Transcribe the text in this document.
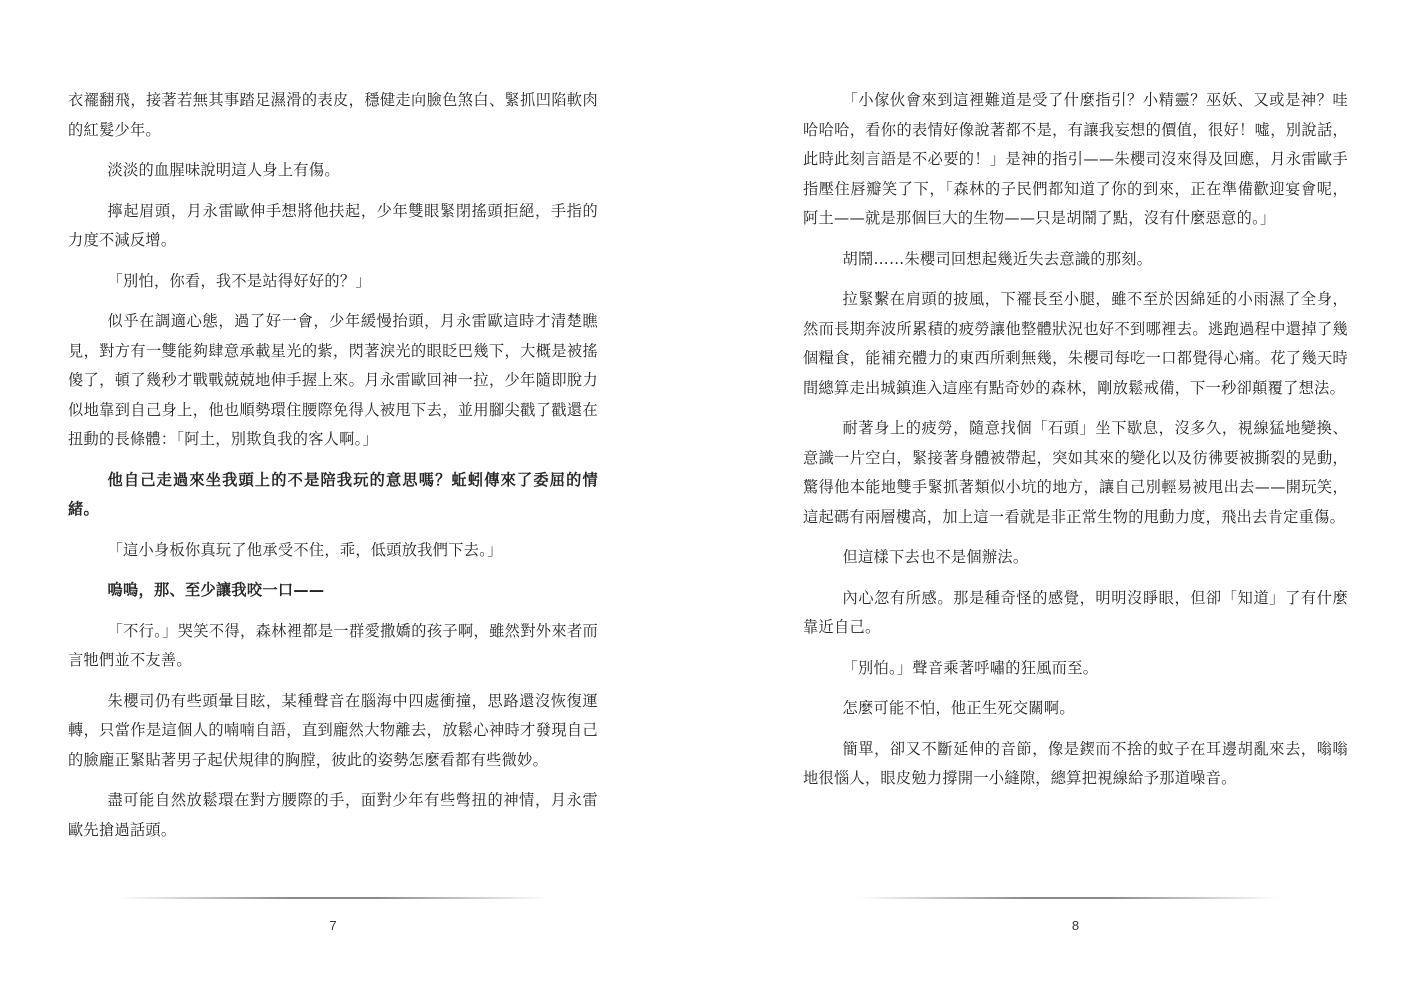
衣襬翻飛，接著若無其事踏足濕滑的表皮，穩健走向臉色煞白、緊抓凹陷軟肉的紅髮少年。

淡淡的血腥味說明這人身上有傷。

擰起眉頭，月永雷歐伸手想將他扶起，少年雙眼緊閉搖頭拒絕，手指的力度不減反增。

「別怕，你看，我不是站得好好的？」

似乎在調適心態，過了好一會，少年緩慢抬頭，月永雷歐這時才清楚瞧見，對方有一雙能夠肆意承載星光的紫，閃著淚光的眼眨巴幾下，大概是被搖傻了，頓了幾秒才戰戰兢兢地伸手握上來。月永雷歐回神一拉，少年隨即脫力似地靠到自己身上，他也順勢環住腰際免得人被甩下去，並用腳尖戳了戳還在扭動的長條體：「阿土，別欺負我的客人啊。」

他自己走過來坐我頭上的不是陪我玩的意思嗎？蚯蚓傳來了委屈的情緒。

「這小身板你真玩了他承受不住，乖，低頭放我們下去。」

嗚嗚，那、至少讓我咬一口——

「不行。」哭笑不得，森林裡都是一群愛撒嬌的孩子啊，雖然對外來者而言牠們並不友善。

朱櫻司仍有些頭暈目眩，某種聲音在腦海中四處衝撞，思路還沒恢復運轉，只當作是這個人的喃喃自語，直到龐然大物離去，放鬆心神時才發現自己的臉龐正緊貼著男子起伏規律的胸膛，彼此的姿勢怎麼看都有些微妙。

盡可能自然放鬆環在對方腰際的手，面對少年有些彆扭的神情，月永雷歐先搶過話頭。

7

「小傢伙會來到這裡難道是受了什麼指引？小精靈？巫妖、又或是神？哇哈哈哈，看你的表情好像說著都不是，有讓我妄想的價值，很好！噓，別說話，此時此刻言語是不必要的！」是神的指引——朱櫻司沒來得及回應，月永雷歐手指壓住唇瓣笑了下，「森林的子民們都知道了你的到來，正在準備歡迎宴會呢，阿土——就是那個巨大的生物——只是胡鬧了點，沒有什麼惡意的。」

胡鬧……朱櫻司回想起幾近失去意識的那刻。

拉緊繫在肩頭的披風，下襬長至小腿，雖不至於因綿延的小雨濕了全身，然而長期奔波所累積的疲勞讓他整體狀況也好不到哪裡去。逃跑過程中還掉了幾個糧食，能補充體力的東西所剩無幾，朱櫻司每吃一口都覺得心痛。花了幾天時間總算走出城鎮進入這座有點奇妙的森林，剛放鬆戒備，下一秒卻顛覆了想法。

耐著身上的疲勞，隨意找個「石頭」坐下歇息，沒多久，視線猛地變換、意識一片空白，緊接著身體被帶起，突如其來的變化以及彷彿要被撕裂的晃動，驚得他本能地雙手緊抓著類似小坑的地方，讓自己別輕易被甩出去——開玩笑，這起碼有兩層樓高，加上這一看就是非正常生物的甩動力度，飛出去肯定重傷。

但這樣下去也不是個辦法。

內心忽有所感。那是種奇怪的感覺，明明沒睜眼，但卻「知道」了有什麼靠近自己。

「別怕。」聲音乘著呼嘯的狂風而至。

怎麼可能不怕，他正生死交關啊。

簡單，卻又不斷延伸的音節，像是鍥而不捨的蚊子在耳邊胡亂來去，嗡嗡地很惱人，眼皮勉力撐開一小縫隙，總算把視線給予那道噪音。

8
